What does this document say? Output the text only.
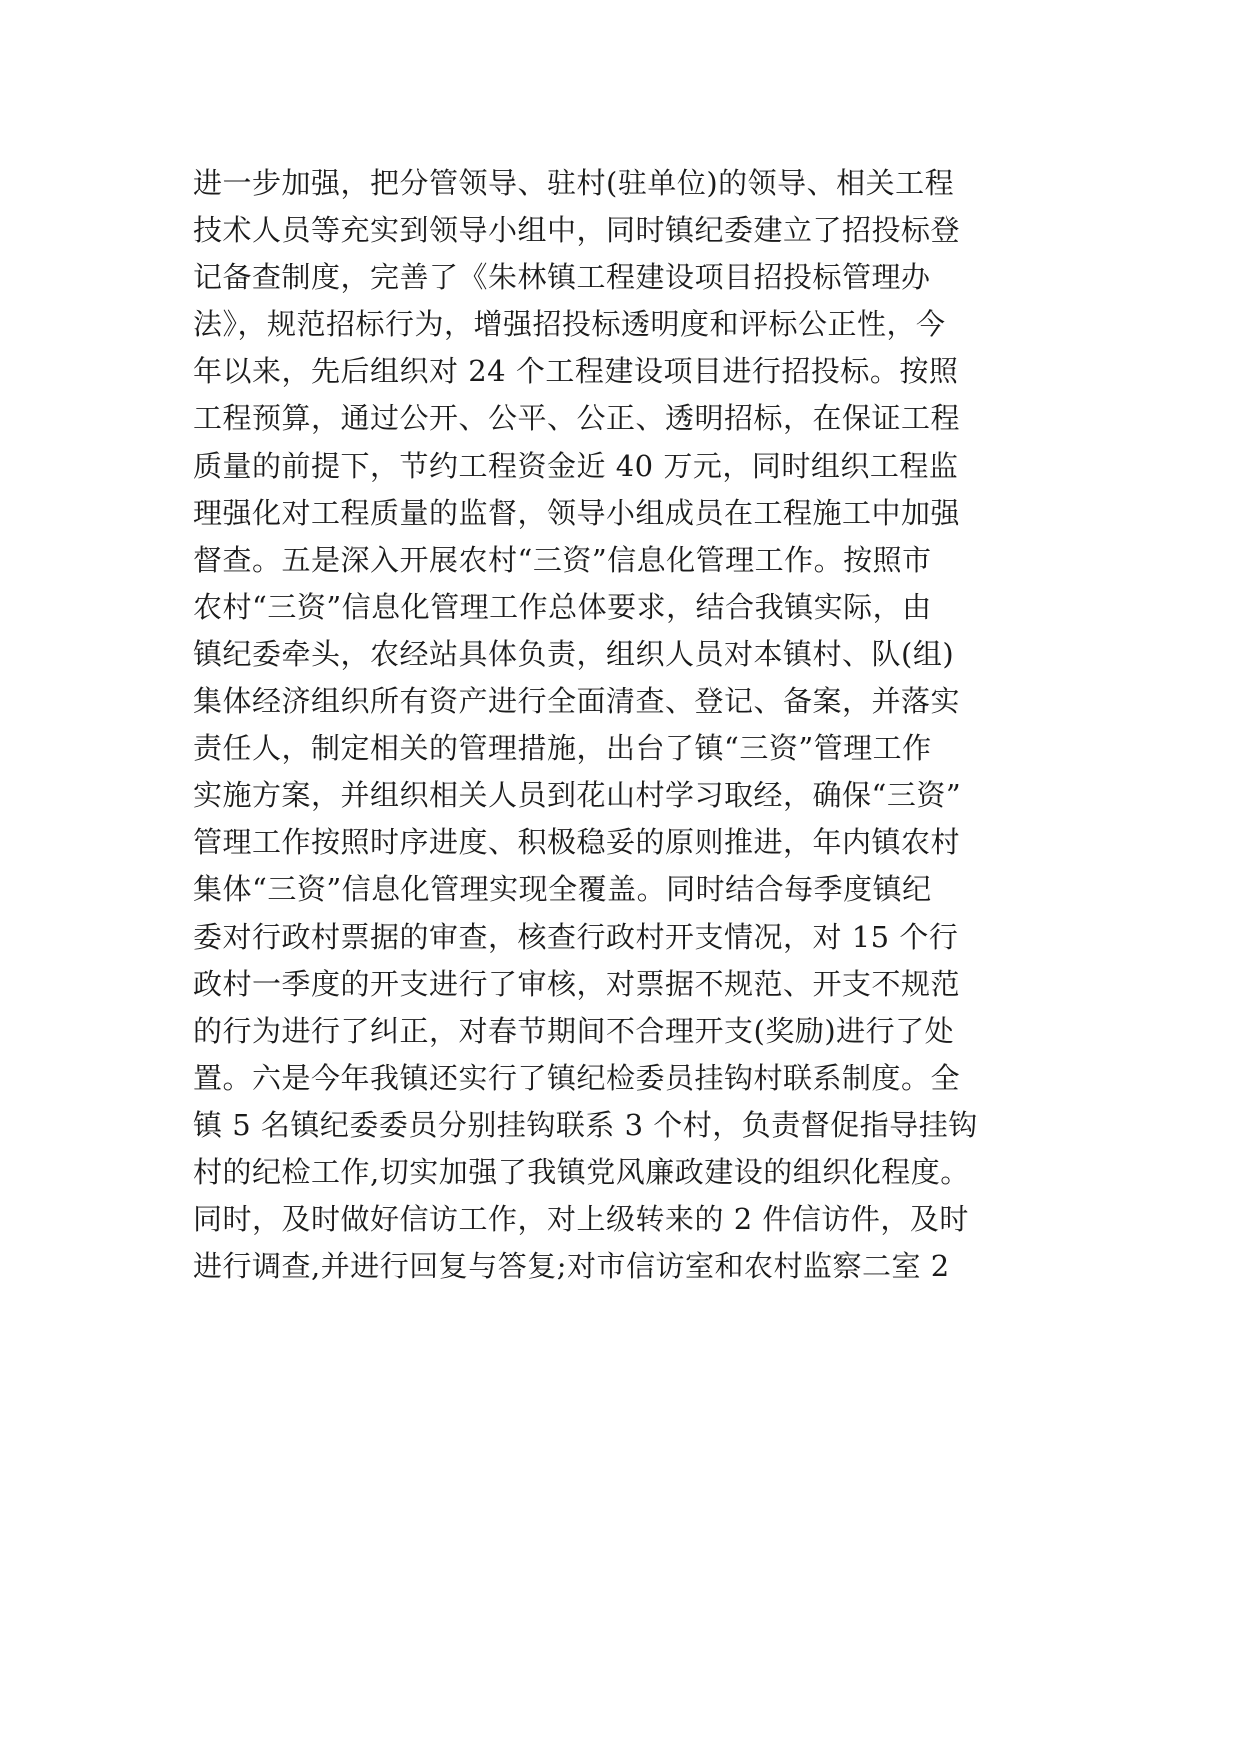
进一步加强，把分管领导、驻村(驻单位)的领导、相关工程
技术人员等充实到领导小组中，同时镇纪委建立了招投标登
记备查制度，完善了《朱林镇工程建设项目招投标管理办
法》，规范招标行为，增强招投标透明度和评标公正性，今
年以来，先后组织对 24 个工程建设项目进行招投标。按照
工程预算，通过公开、公平、公正、透明招标，在保证工程
质量的前提下，节约工程资金近 40 万元，同时组织工程监
理强化对工程质量的监督，领导小组成员在工程施工中加强
督查。五是深入开展农村“三资”信息化管理工作。按照市
农村“三资”信息化管理工作总体要求，结合我镇实际，由
镇纪委牵头，农经站具体负责，组织人员对本镇村、队(组)
集体经济组织所有资产进行全面清查、登记、备案，并落实
责任人，制定相关的管理措施，出台了镇“三资”管理工作
实施方案，并组织相关人员到花山村学习取经，确保“三资”
管理工作按照时序进度、积极稳妥的原则推进，年内镇农村
集体“三资”信息化管理实现全覆盖。同时结合每季度镇纪
委对行政村票据的审查，核查行政村开支情况，对 15 个行
政村一季度的开支进行了审核，对票据不规范、开支不规范
的行为进行了纠正，对春节期间不合理开支(奖励)进行了处
置。六是今年我镇还实行了镇纪检委员挂钩村联系制度。全
镇 5 名镇纪委委员分别挂钩联系 3 个村，负责督促指导挂钩
村的纪检工作,切实加强了我镇党风廉政建设的组织化程度。
同时，及时做好信访工作，对上级转来的 2 件信访件，及时
进行调查,并进行回复与答复;对市信访室和农村监察二室 2
